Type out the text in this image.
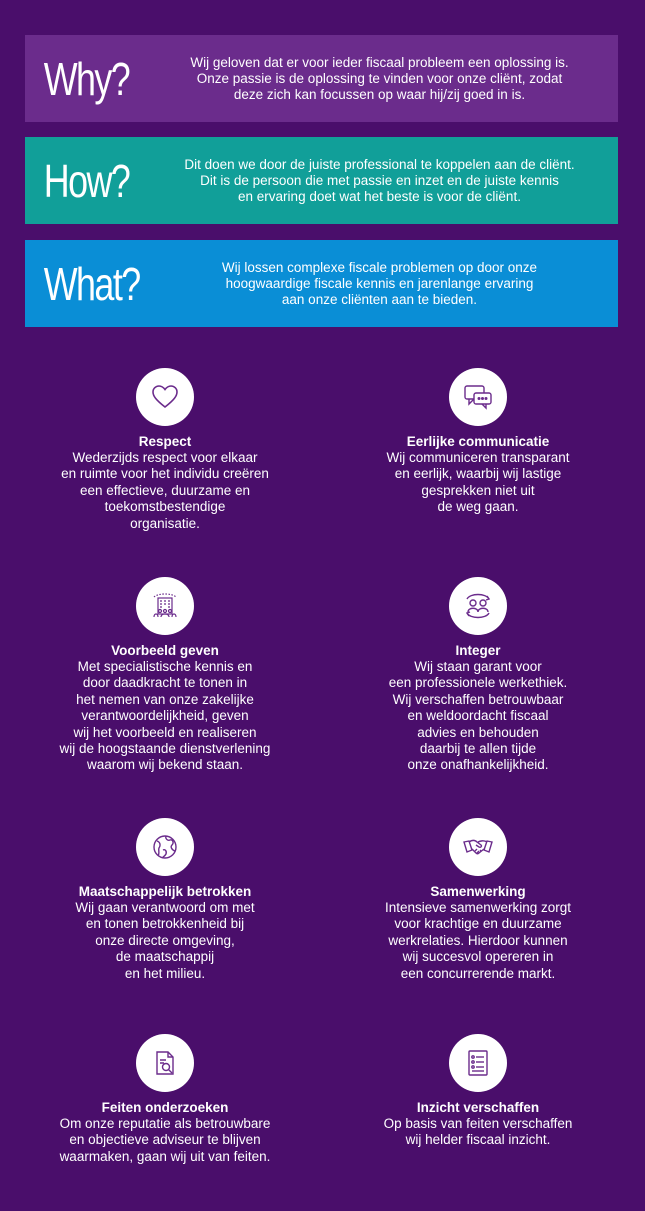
Why?	Wij geloven dat er voor ieder fiscaal probleem een oplossing is.
Onze passie is de oplossing te vinden voor onze cliënt, zodat
deze zich kan focussen op waar hij/zij goed in is.
How?	Dit doen we door de juiste professional te koppelen aan de cliënt.
Dit is de persoon die met passie en inzet en de juiste kennis
en ervaring doet wat het beste is voor de cliënt.
What?	Wij lossen complexe fiscale problemen op door onze
hoogwaardige fiscale kennis en jarenlange ervaring
aan onze cliënten aan te bieden.
Respect
Wederzijds respect voor elkaar
en ruimte voor het individu creëren
een effectieve, duurzame en
toekomstbestendige
organisatie.
Eerlijke communicatie
Wij communiceren transparant
en eerlijk, waarbij wij lastige
gesprekken niet uit
de weg gaan.
Voorbeeld geven
Met specialistische kennis en
door daadkracht te tonen in
het nemen van onze zakelijke
verantwoordelijkheid, geven
wij het voorbeeld en realiseren
wij de hoogstaande dienstverlening
waarom wij bekend staan.
Integer
Wij staan garant voor
een professionele werkethiek.
Wij verschaffen betrouwbaar
en weldoordacht fiscaal
advies en behouden
daarbij te allen tijde
onze onafhankelijkheid.
Maatschappelijk betrokken
Wij gaan verantwoord om met
en tonen betrokkenheid bij
onze directe omgeving,
de maatschappij
en het milieu.
Samenwerking
Intensieve samenwerking zorgt
voor krachtige en duurzame
werkrelaties. Hierdoor kunnen
wij succesvol opereren in
een concurrerende markt.
Feiten onderzoeken
Om onze reputatie als betrouwbare
en objectieve adviseur te blijven
waarmaken, gaan wij uit van feiten.
Inzicht verschaffen
Op basis van feiten verschaffen
wij helder fiscaal inzicht.
